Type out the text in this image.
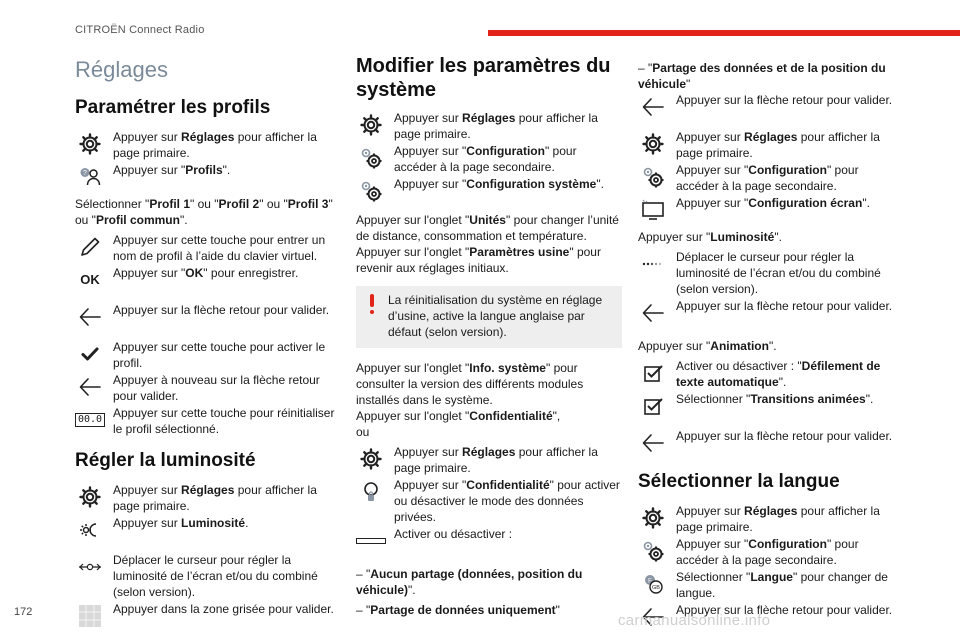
CITROËN Connect Radio
Réglages
Paramétrer les profils
Appuyer sur Réglages pour afficher la page primaire.
Appuyer sur "Profils".
Sélectionner "Profil 1" ou "Profil 2" ou "Profil 3" ou "Profil commun".
Appuyer sur cette touche pour entrer un nom de profil à l’aide du clavier virtuel.
OK Appuyer sur "OK" pour enregistrer.
Appuyer sur la flèche retour pour valider.
Appuyer sur cette touche pour activer le profil.
Appuyer à nouveau sur la flèche retour pour valider.
00.0 Appuyer sur cette touche pour réinitialiser le profil sélectionné.
Régler la luminosité
Appuyer sur Réglages pour afficher la page primaire.
Appuyer sur Luminosité.
Déplacer le curseur pour régler la luminosité de l’écran et/ou du combiné (selon version).
Appuyer dans la zone grisée pour valider.
Modifier les paramètres du système
Appuyer sur Réglages pour afficher la page primaire.
Appuyer sur "Configuration" pour accéder à la page secondaire.
Appuyer sur "Configuration système".
Appuyer sur l'onglet "Unités" pour changer l’unité de distance, consommation et température.
Appuyer sur l'onglet "Paramètres usine" pour revenir aux réglages initiaux.
La réinitialisation du système en réglage d’usine, active la langue anglaise par défaut (selon version).
Appuyer sur l'onglet "Info. système" pour consulter la version des différents modules installés dans le système.
Appuyer sur l'onglet "Confidentialité",
ou
Appuyer sur Réglages pour afficher la page primaire.
Appuyer sur "Confidentialité" pour activer ou désactiver le mode des données privées.
Activer ou désactiver :
– "Aucun partage (données, position du véhicule)".
– "Partage de données uniquement"
– "Partage des données et de la position du véhicule"
Appuyer sur la flèche retour pour valider.
Appuyer sur Réglages pour afficher la page primaire.
Appuyer sur "Configuration" pour accéder à la page secondaire.
Appuyer sur "Configuration écran".
Appuyer sur "Luminosité".
Déplacer le curseur pour régler la luminosité de l’écran et/ou du combiné (selon version).
Appuyer sur la flèche retour pour valider.
Appuyer sur "Animation".
Activer ou désactiver : "Défilement de texte automatique".
Sélectionner "Transitions animées".
Appuyer sur la flèche retour pour valider.
Sélectionner la langue
Appuyer sur Réglages pour afficher la page primaire.
Appuyer sur "Configuration" pour accéder à la page secondaire.
Sélectionner "Langue" pour changer de langue.
Appuyer sur la flèche retour pour valider.
172	carmanualsonline.info
